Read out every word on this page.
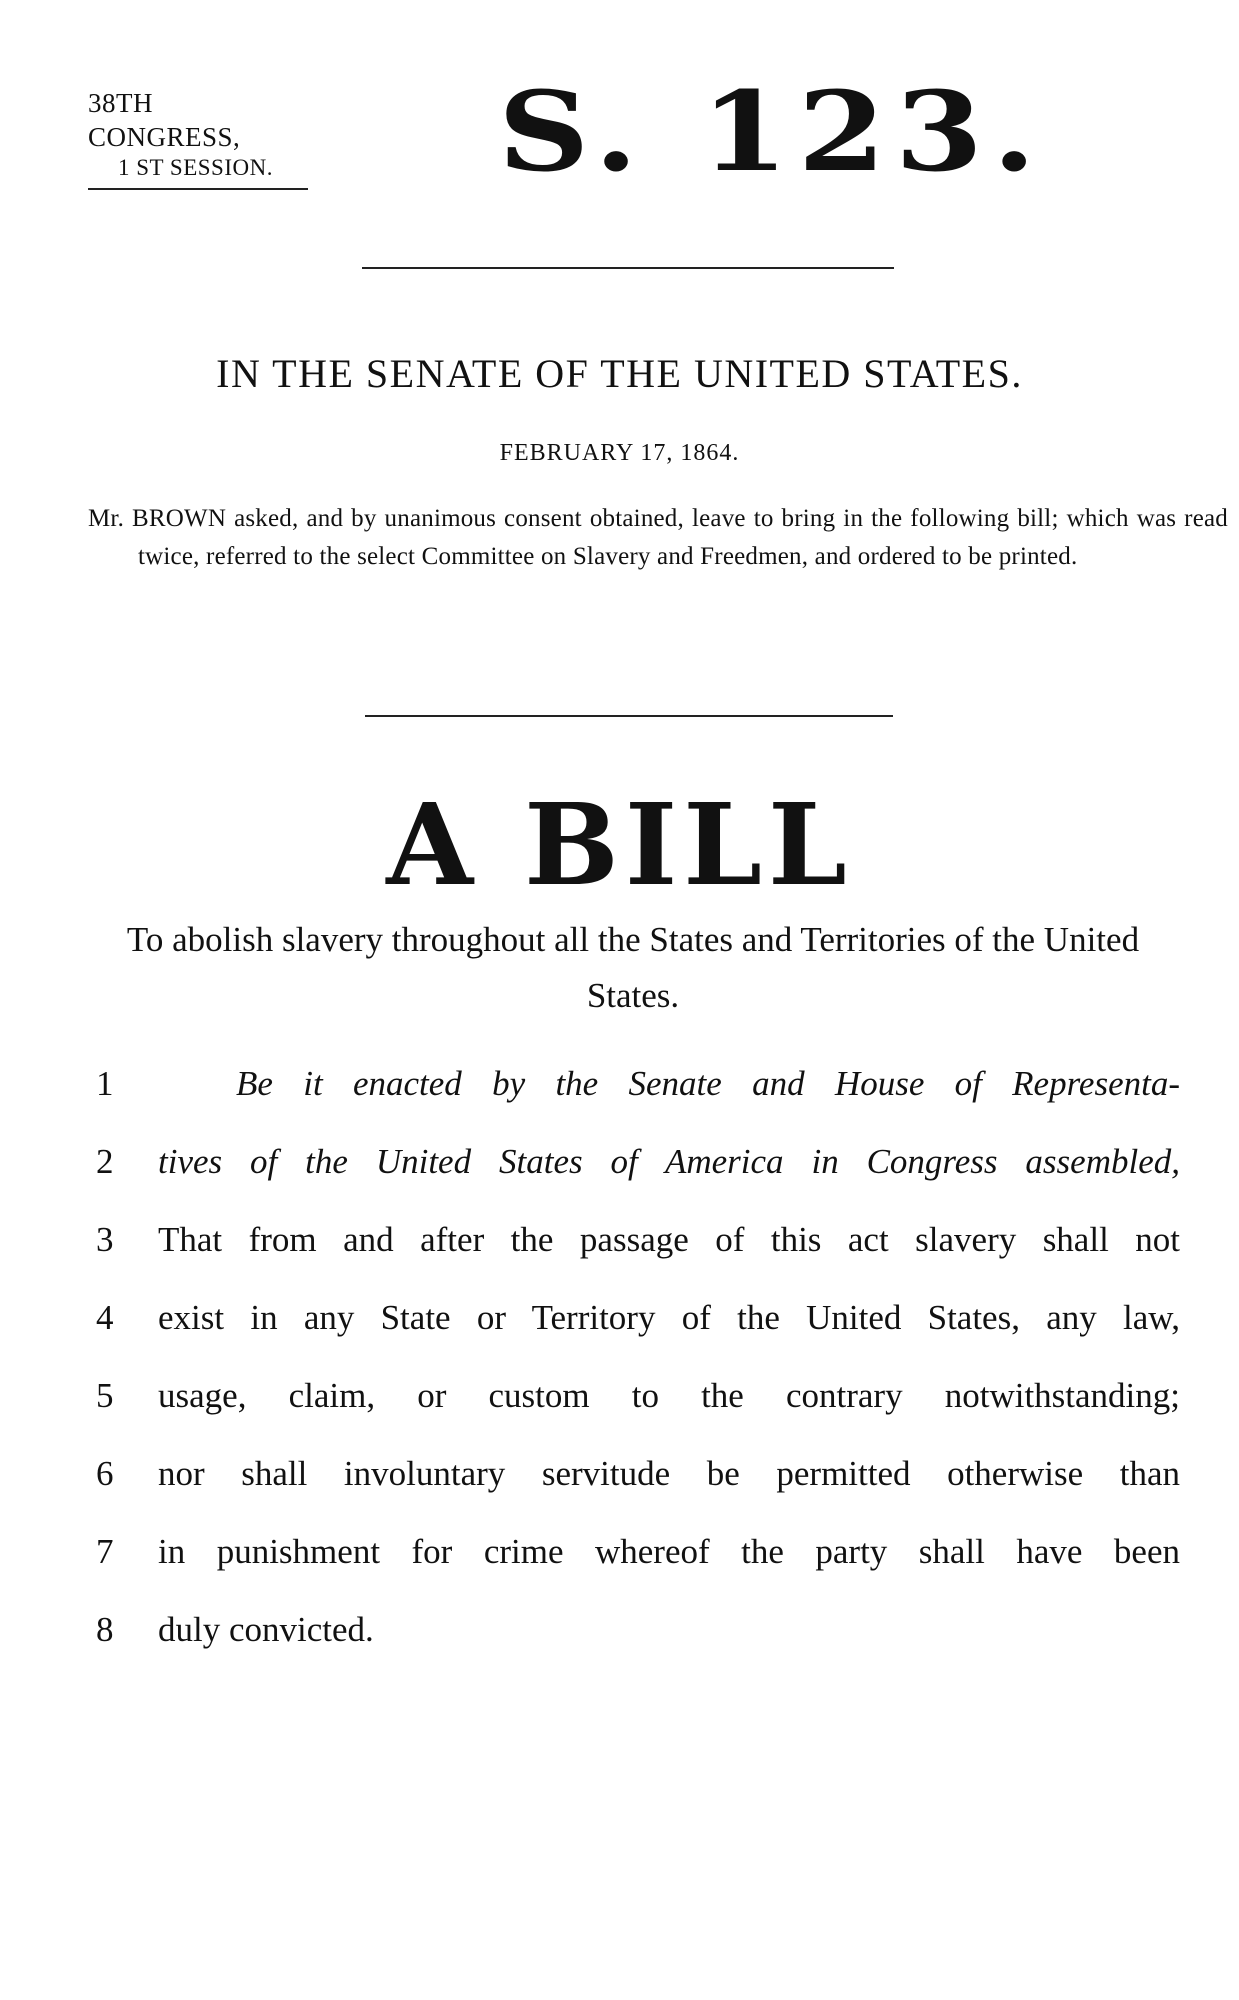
38TH CONGRESS,
1 ST SESSION.	S. 123.
IN THE SENATE OF THE UNITED STATES.
FEBRUARY 17, 1864.
Mr. BROWN asked, and by unanimous consent obtained, leave to bring in the following bill; which was read twice, referred to the select Committee on Slavery and Freedmen, and ordered to be printed.
A BILL
To abolish slavery throughout all the States and Territories of the United States.
1	Be it enacted by the Senate and House of Representa-
2	tives of the United States of America in Congress assembled,
3	That from and after the passage of this act slavery shall not
4	exist in any State or Territory of the United States, any law,
5	usage, claim, or custom to the contrary notwithstanding;
6	nor shall involuntary servitude be permitted otherwise than
7	in punishment for crime whereof the party shall have been
8	duly convicted.
